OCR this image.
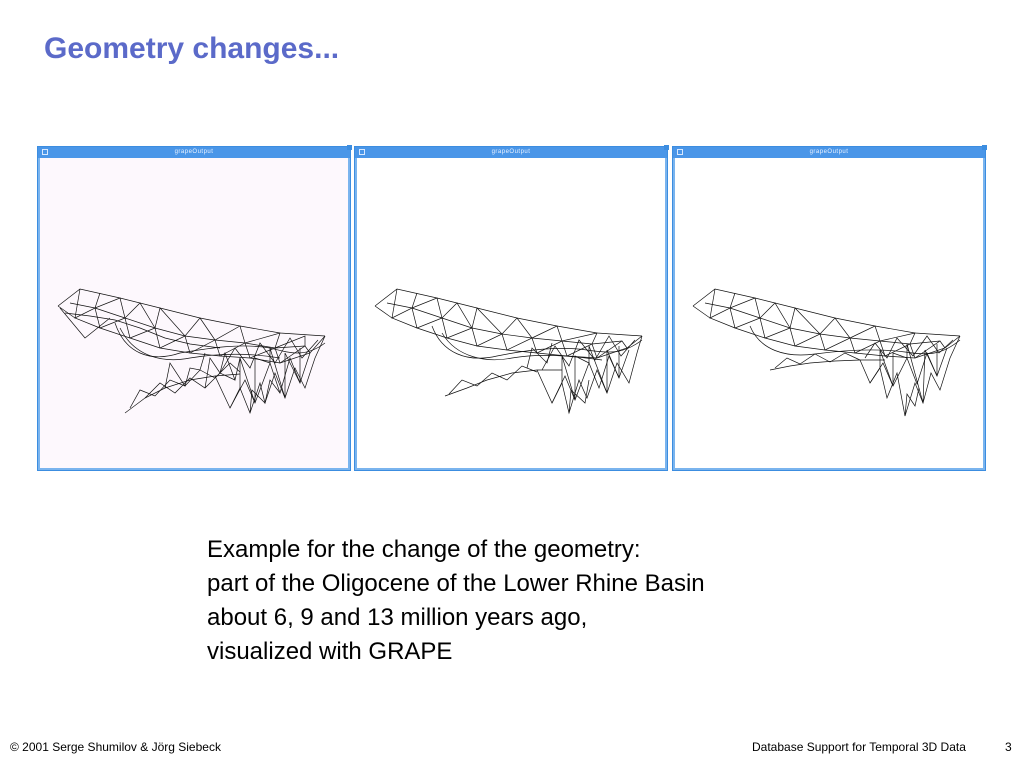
Geometry changes...
grapeOutput	grapeOutput	grapeOutput
Example for the change of the geometry:
part of the Oligocene of the Lower Rhine Basin
about 6, 9 and 13 million years ago,
visualized with GRAPE
© 2001 Serge Shumilov & Jörg Siebeck	Database Support for Temporal 3D Data	3
